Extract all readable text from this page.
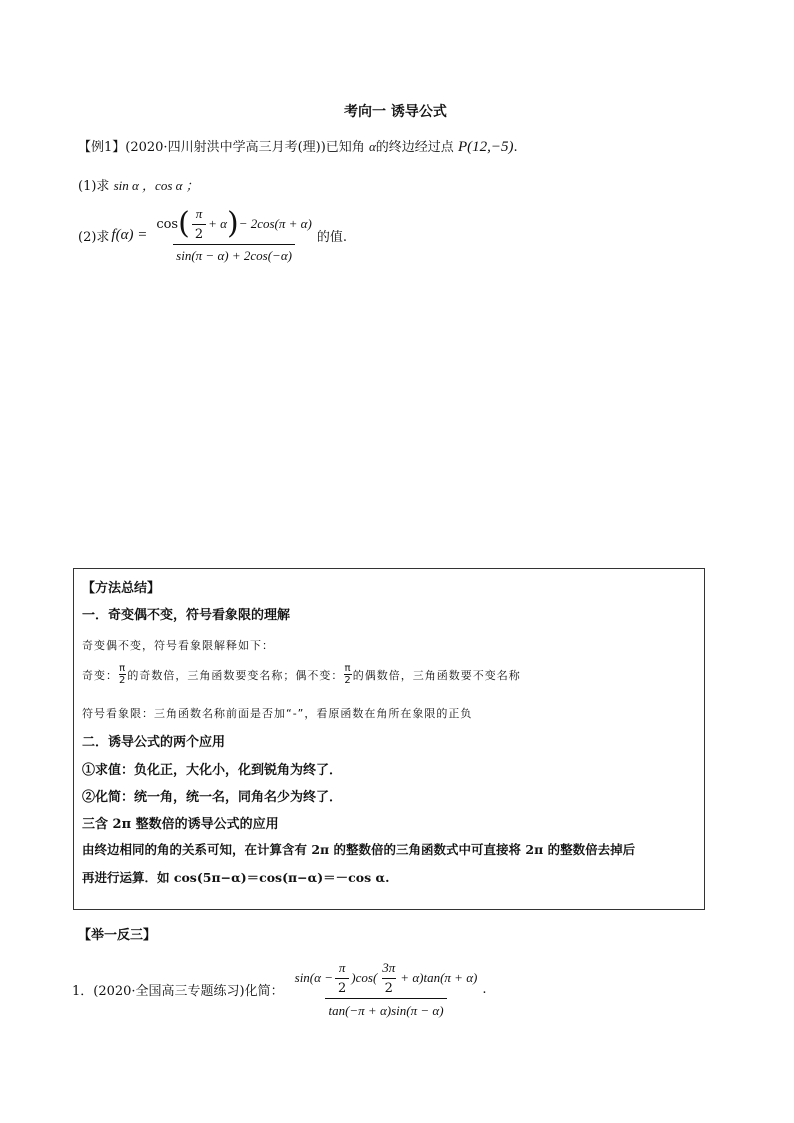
考向一 诱导公式
【例1】(2020·四川射洪中学高三月考(理))已知角 α的终边经过点 P(12,−5).
(1)求 sin α ，cos α ；
(2)求 f(α) =
cos ( $\frac{\pi}{2} + \alpha$ ) − 2cos(π + α)
sin(π − α) + 2cos(−α)
的值.
【方法总结】
一．奇变偶不变，符号看象限的理解
奇变偶不变，符号看象限解释如下：
奇变： $\frac{\pi}{2}$ 的奇数倍，三角函数要变名称；偶不变： $\frac{\pi}{2}$ 的偶数倍，三角函数要不变名称
符号看象限：三角函数名称前面是否加“-”，看原函数在角所在象限的正负
二．诱导公式的两个应用
①求值：负化正，大化小，化到锐角为终了．
②化简：统一角，统一名，同角名少为终了．
三含 2π 整数倍的诱导公式的应用
由终边相同的角的关系可知，在计算含有 2π 的整数倍的三角函数式中可直接将 2π 的整数倍去掉后
再进行运算．如 cos(5π−α)＝cos(π−α)＝－cos α.
【举一反三】
1．(2020·全国高三专题练习)化简：
$\sin(\alpha - \frac{\pi}{2} )\cos( \frac{3\pi}{2} + \alpha)\tan(\pi + \alpha)$
tan(−π + α)sin(π − α)
.
